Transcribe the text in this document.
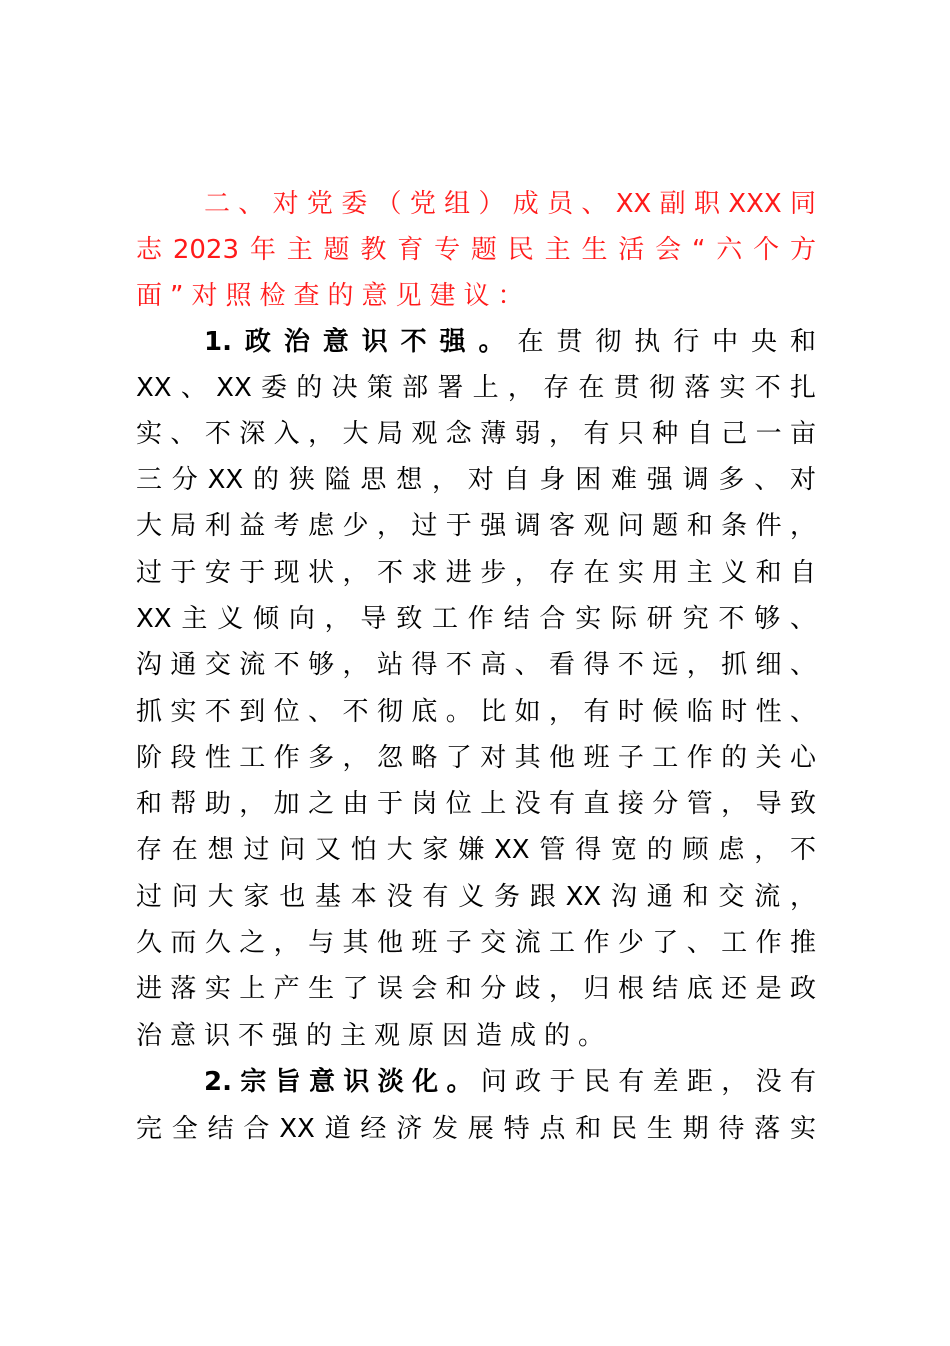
二、对党委（党组）成员、XX副职XXX同
志2023年主题教育专题民主生活会“六个方
面”对照检查的意见建议：
1.政治意识不强。在贯彻执行中央和
XX、XX委的决策部署上，存在贯彻落实不扎
实、不深入，大局观念薄弱，有只种自己一亩
三分XX的狭隘思想，对自身困难强调多、对
大局利益考虑少，过于强调客观问题和条件，
过于安于现状，不求进步，存在实用主义和自
XX主义倾向，导致工作结合实际研究不够、
沟通交流不够，站得不高、看得不远，抓细、
抓实不到位、不彻底。比如，有时候临时性、
阶段性工作多，忽略了对其他班子工作的关心
和帮助，加之由于岗位上没有直接分管，导致
存在想过问又怕大家嫌XX管得宽的顾虑，不
过问大家也基本没有义务跟XX沟通和交流，
久而久之，与其他班子交流工作少了、工作推
进落实上产生了误会和分歧，归根结底还是政
治意识不强的主观原因造成的。
2.宗旨意识淡化。问政于民有差距，没有
完全结合XX道经济发展特点和民生期待落实
